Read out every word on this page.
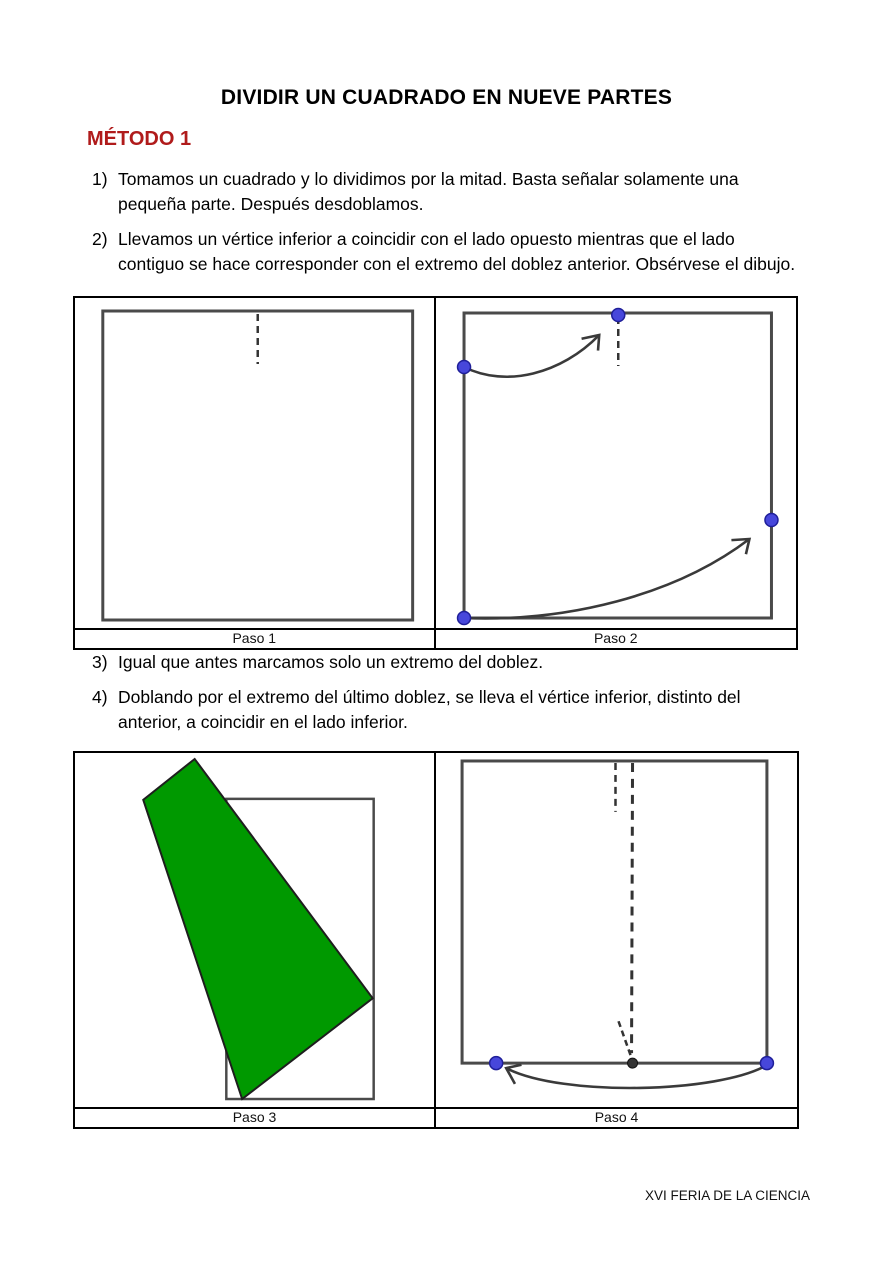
DIVIDIR UN CUADRADO EN NUEVE PARTES
MÉTODO 1
1) Tomamos un cuadrado y lo dividimos por la mitad. Basta señalar solamente una pequeña parte. Después desdoblamos.
2) Llevamos un vértice inferior a coincidir con el lado opuesto mientras que el lado contiguo se hace corresponder con el extremo del doblez anterior. Obsérvese el dibujo.
Paso 1	Paso 2
3) Igual que antes marcamos solo un extremo del doblez.
4) Doblando por el extremo del último doblez, se lleva el vértice inferior, distinto del anterior, a coincidir en el lado inferior.
Paso 3	Paso 4
XVI FERIA DE LA CIENCIA
